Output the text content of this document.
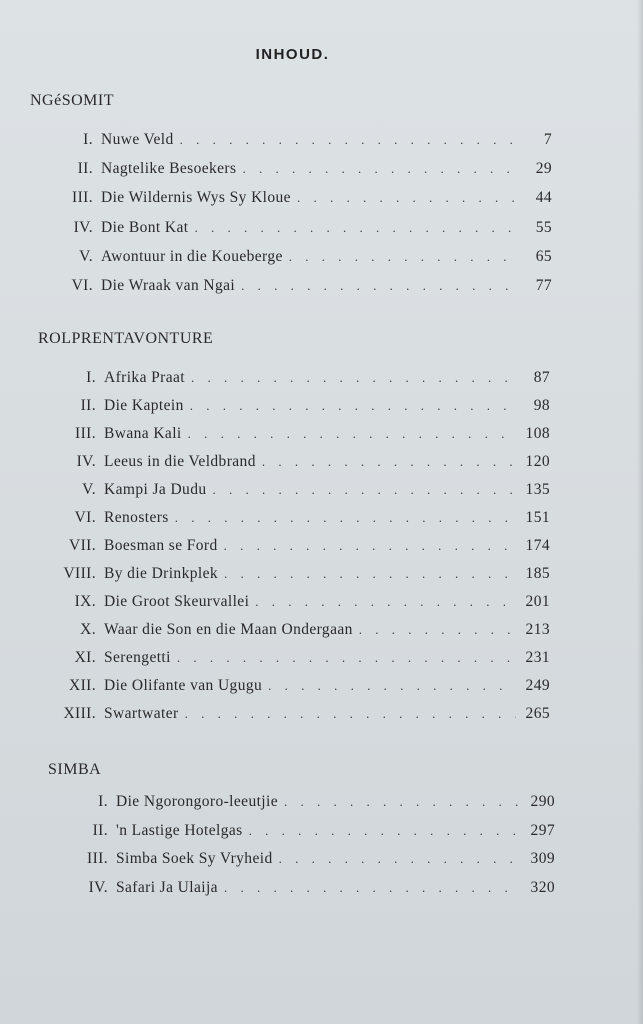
INHOUD.
I. Nuwe Veld . . .	7
II. Nagtelike Besoekers . . .	29
III. Die Wildernis Wys Sy Kloue . . .	44
IV. Die Bont Kat . . .	55
V. Awontuur in die Koueberge . . .	65
VI. Die Wraak van Ngai . . .	77
I. Afrika Praat . . .	87
II. Die Kaptein . . .	98
III. Bwana Kali . . .	108
IV. Leeus in die Veldbrand . . .	120
V. Kampi Ja Dudu . . .	135
VI. Renosters . . .	151
VII. Boesman se Ford . . .	174
VIII. By die Drinkplek . . .	185
IX. Die Groot Skeurvallei . . .	201
X. Waar die Son en die Maan Ondergaan . . .	213
XI. Serengetti . . .	231
XII. Die Olifante van Ugugu . . .	249
XIII. Swartwater . . .	265
I. Die Ngorongoro-leeutjie . . .	290
II. 'n Lastige Hotelgas . . .	297
III. Simba Soek Sy Vryheid . . .	309
IV. Safari Ja Ulaija . . .	320
NGéSOMIT
ROLPRENTAVONTURE
SIMBA
